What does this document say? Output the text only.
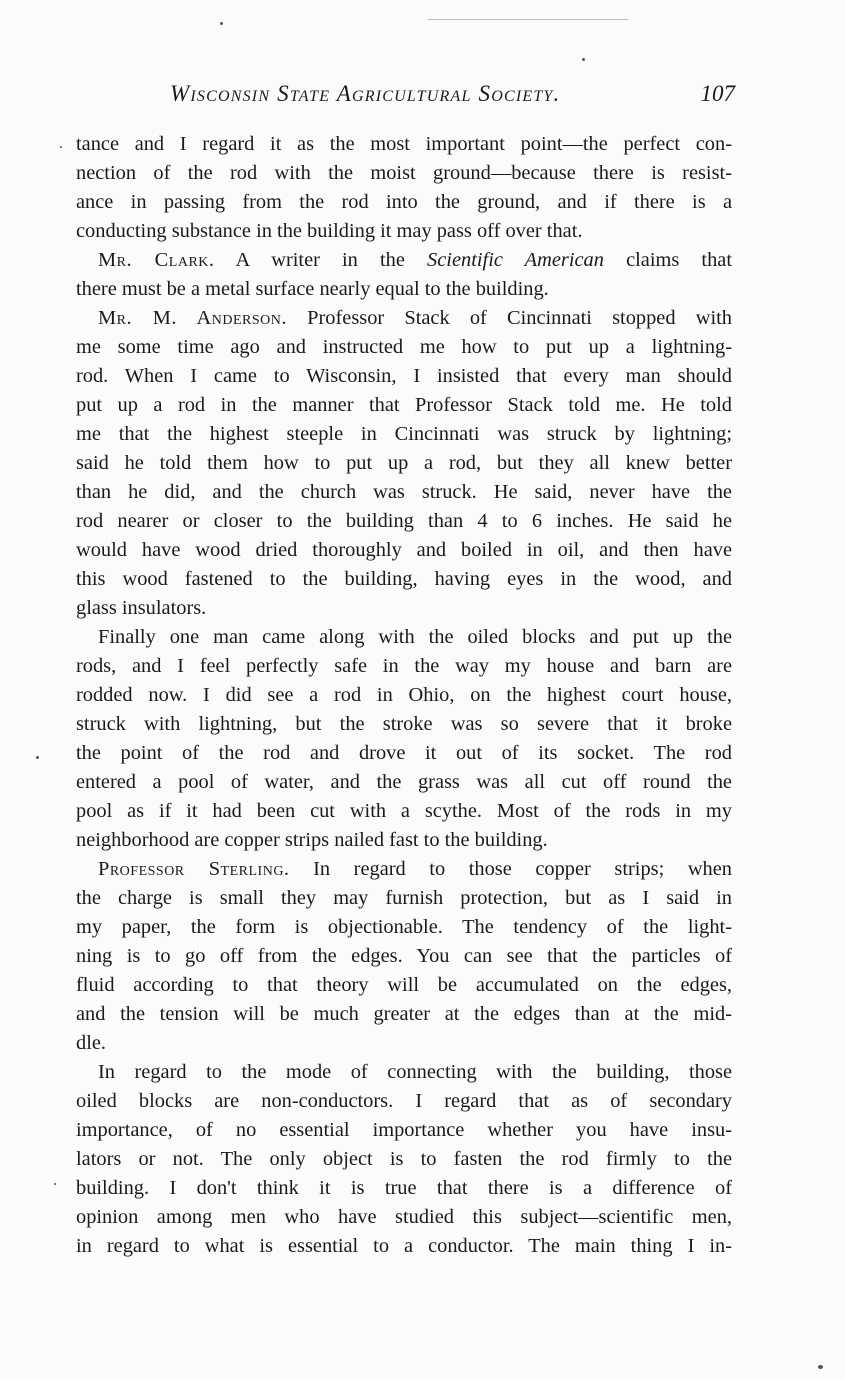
Wisconsin State Agricultural Society.	107
tance and I regard it as the most important point—the perfect con-
nection of the rod with the moist ground—because there is resist-
ance in passing from the rod into the ground, and if there is a
conducting substance in the building it may pass off over that.
Mr. Clark. A writer in the Scientific American claims that
there must be a metal surface nearly equal to the building.
Mr. M. Anderson. Professor Stack of Cincinnati stopped with
me some time ago and instructed me how to put up a lightning-
rod. When I came to Wisconsin, I insisted that every man should
put up a rod in the manner that Professor Stack told me. He told
me that the highest steeple in Cincinnati was struck by lightning;
said he told them how to put up a rod, but they all knew better
than he did, and the church was struck. He said, never have the
rod nearer or closer to the building than 4 to 6 inches. He said he
would have wood dried thoroughly and boiled in oil, and then have
this wood fastened to the building, having eyes in the wood, and
glass insulators.
Finally one man came along with the oiled blocks and put up the
rods, and I feel perfectly safe in the way my house and barn are
rodded now. I did see a rod in Ohio, on the highest court house,
struck with lightning, but the stroke was so severe that it broke
the point of the rod and drove it out of its socket. The rod
entered a pool of water, and the grass was all cut off round the
pool as if it had been cut with a scythe. Most of the rods in my
neighborhood are copper strips nailed fast to the building.
Professor Sterling. In regard to those copper strips; when
the charge is small they may furnish protection, but as I said in
my paper, the form is objectionable. The tendency of the light-
ning is to go off from the edges. You can see that the particles of
fluid according to that theory will be accumulated on the edges,
and the tension will be much greater at the edges than at the mid-
dle.
In regard to the mode of connecting with the building, those
oiled blocks are non-conductors. I regard that as of secondary
importance, of no essential importance whether you have insu-
lators or not. The only object is to fasten the rod firmly to the
building. I don't think it is true that there is a difference of
opinion among men who have studied this subject—scientific men,
in regard to what is essential to a conductor. The main thing I in-
